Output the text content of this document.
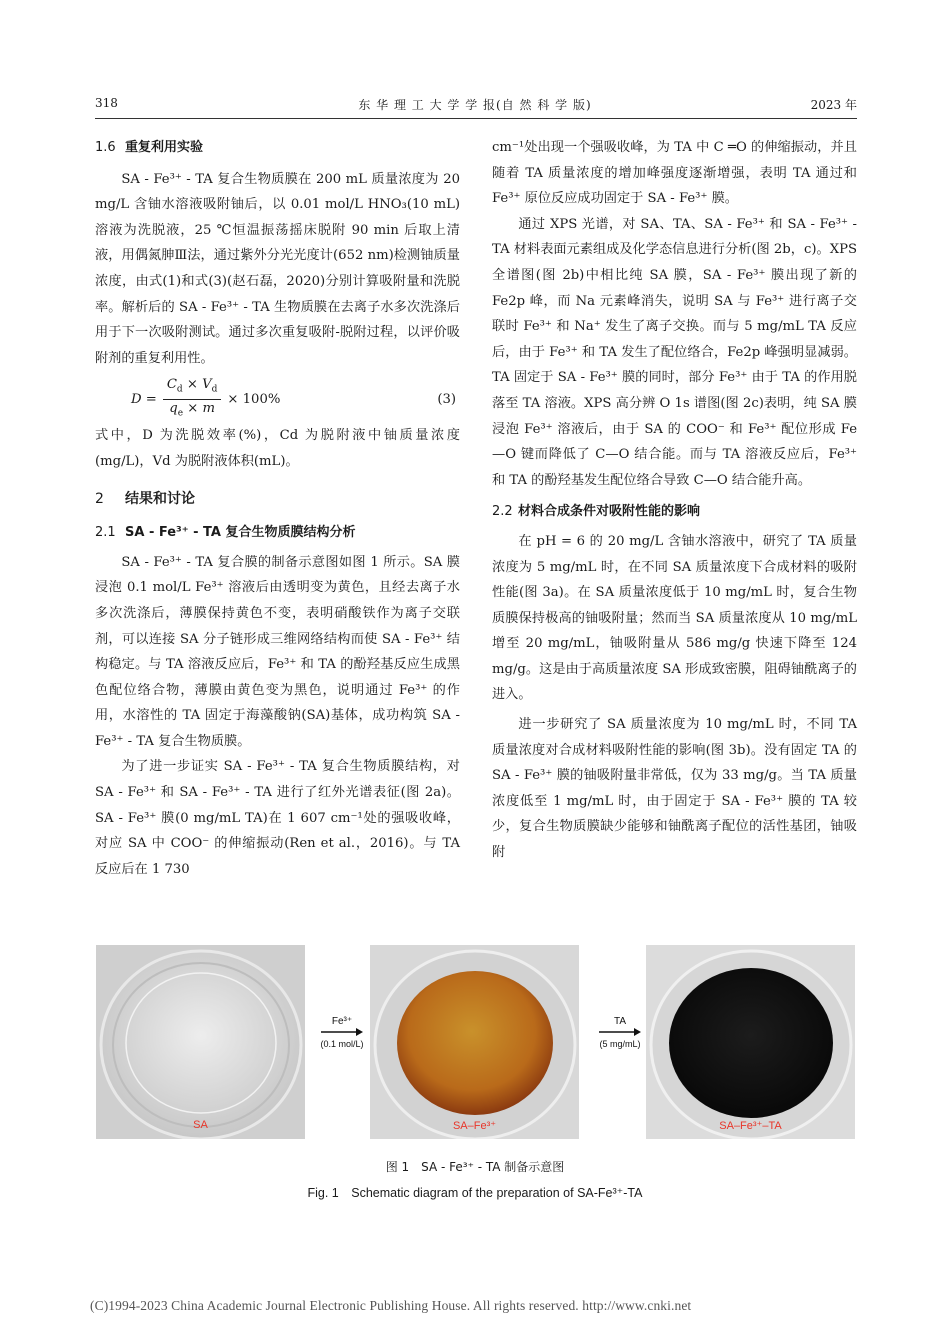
318	东 华 理 工 大 学 学 报(自 然 科 学 版)	2023 年

1.6 重复利用实验

SA - Fe³⁺ - TA 复合生物质膜在 200 mL 质量浓度为 20 mg/L 含铀水溶液吸附铀后，以 0.01 mol/L HNO₃(10 mL)溶液为洗脱液，25 ℃恒温振荡摇床脱附 90 min 后取上清液，用偶氮胂Ⅲ法，通过紫外分光光度计(652 nm)检测铀质量浓度，由式(1)和式(3)(赵石磊，2020)分别计算吸附量和洗脱率。解析后的 SA - Fe³⁺ - TA 生物质膜在去离子水多次洗涤后用于下一次吸附测试。通过多次重复吸附-脱附过程，以评价吸附剂的重复利用性。

$D = \frac{C_d \times V_d}{q_e \times m} \times 100\%$	(3)

式中，D 为洗脱效率(%)，Cd 为脱附液中铀质量浓度(mg/L)，Vd 为脱附液体积(mL)。

2 结果和讨论

2.1 SA - Fe³⁺ - TA 复合生物质膜结构分析

SA - Fe³⁺ - TA 复合膜的制备示意图如图 1 所示。SA 膜浸泡 0.1 mol/L Fe³⁺ 溶液后由透明变为黄色，且经去离子水多次洗涤后，薄膜保持黄色不变，表明硝酸铁作为离子交联剂，可以连接 SA 分子链形成三维网络结构而使 SA - Fe³⁺ 结构稳定。与 TA 溶液反应后，Fe³⁺ 和 TA 的酚羟基反应生成黑色配位络合物，薄膜由黄色变为黑色，说明通过 Fe³⁺ 的作用，水溶性的 TA 固定于海藻酸钠(SA)基体，成功构筑 SA - Fe³⁺ - TA 复合生物质膜。

为了进一步证实 SA - Fe³⁺ - TA 复合生物质膜结构，对 SA - Fe³⁺ 和 SA - Fe³⁺ - TA 进行了红外光谱表征(图 2a)。SA - Fe³⁺ 膜(0 mg/mL TA)在 1 607 cm⁻¹处的强吸收峰，对应 SA 中 COO⁻ 的伸缩振动(Ren et al.，2016)。与 TA 反应后在 1 730

cm⁻¹处出现一个强吸收峰，为 TA 中 C ═O 的伸缩振动，并且随着 TA 质量浓度的增加峰强度逐渐增强，表明 TA 通过和 Fe³⁺ 原位反应成功固定于 SA - Fe³⁺ 膜。

通过 XPS 光谱，对 SA、TA、SA - Fe³⁺ 和 SA - Fe³⁺ - TA 材料表面元素组成及化学态信息进行分析(图 2b，c)。XPS 全谱图(图 2b)中相比纯 SA 膜，SA - Fe³⁺ 膜出现了新的 Fe2p 峰，而 Na 元素峰消失，说明 SA 与 Fe³⁺ 进行离子交联时 Fe³⁺ 和 Na⁺ 发生了离子交换。而与 5 mg/mL TA 反应后，由于 Fe³⁺ 和 TA 发生了配位络合，Fe2p 峰强明显减弱。TA 固定于 SA - Fe³⁺ 膜的同时，部分 Fe³⁺ 由于 TA 的作用脱落至 TA 溶液。XPS 高分辨 O 1s 谱图(图 2c)表明，纯 SA 膜浸泡 Fe³⁺ 溶液后，由于 SA 的 COO⁻ 和 Fe³⁺ 配位形成 Fe—O 键而降低了 C—O 结合能。而与 TA 溶液反应后，Fe³⁺ 和 TA 的酚羟基发生配位络合导致 C—O 结合能升高。

2.2 材料合成条件对吸附性能的影响

在 pH = 6 的 20 mg/L 含铀水溶液中，研究了 TA 质量浓度为 5 mg/mL 时，在不同 SA 质量浓度下合成材料的吸附性能(图 3a)。在 SA 质量浓度低于 10 mg/mL 时，复合生物质膜保持极高的铀吸附量；然而当 SA 质量浓度从 10 mg/mL 增至 20 mg/mL，铀吸附量从 586 mg/g 快速下降至 124 mg/g。这是由于高质量浓度 SA 形成致密膜，阻碍铀酰离子的进入。

进一步研究了 SA 质量浓度为 10 mg/mL 时，不同 TA 质量浓度对合成材料吸附性能的影响(图 3b)。没有固定 TA 的 SA - Fe³⁺ 膜的铀吸附量非常低，仅为 33 mg/g。当 TA 质量浓度低至 1 mg/mL 时，由于固定于 SA - Fe³⁺ 膜的 TA 较少，复合生物质膜缺少能够和铀酰离子配位的活性基团，铀吸附

SA
Fe³⁺
(0.1 mol/L)
SA–Fe³⁺
TA
(5 mg/mL)
SA–Fe³⁺–TA
图 1　SA - Fe³⁺ - TA 制备示意图
Fig. 1　Schematic diagram of the preparation of SA-Fe³⁺-TA
(C)1994-2023 China Academic Journal Electronic Publishing House. All rights reserved. http://www.cnki.net
